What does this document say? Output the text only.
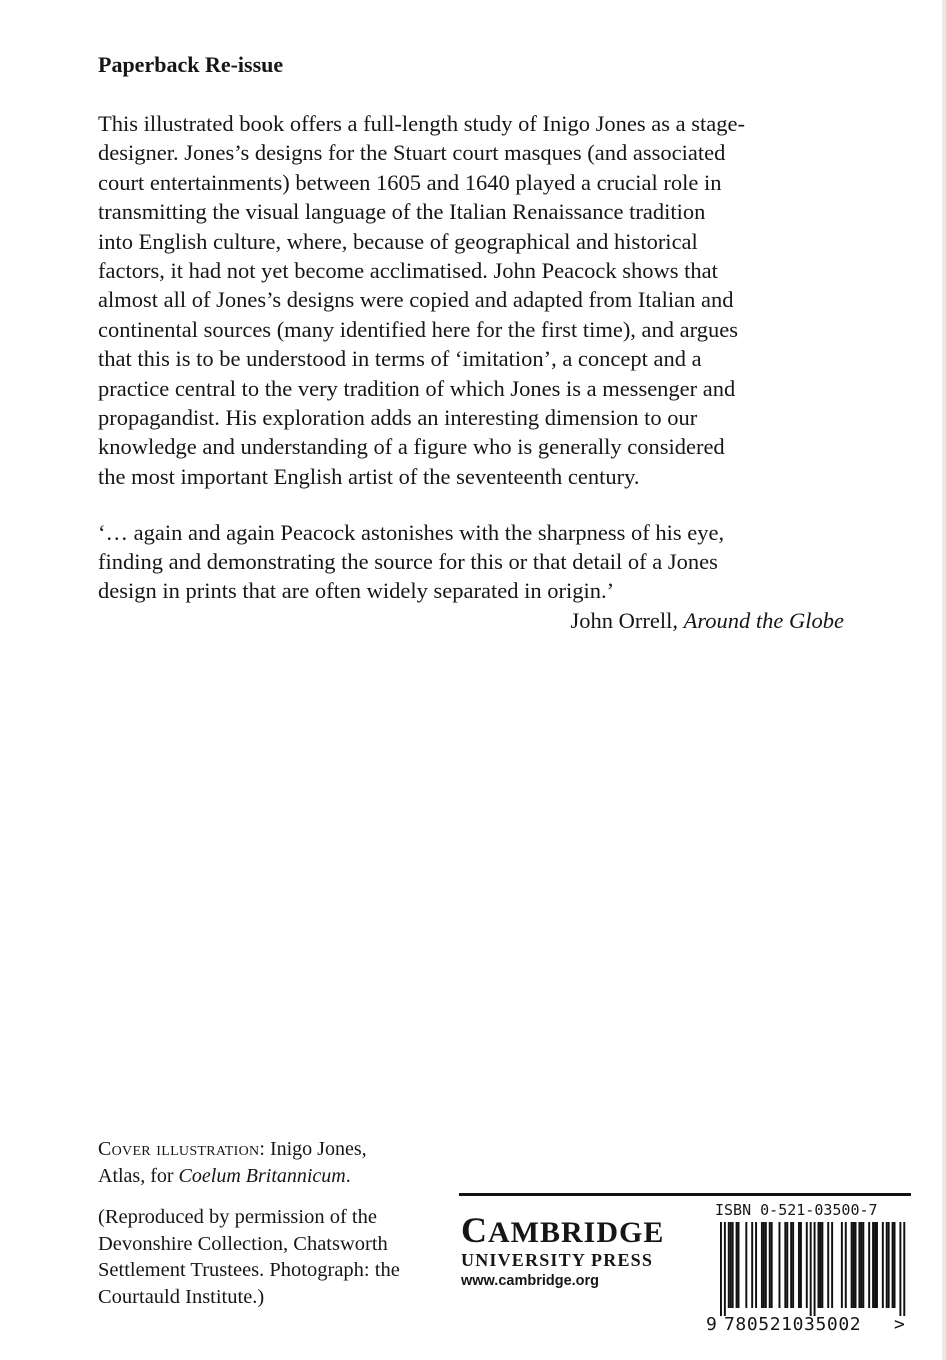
Paperback Re-issue

This illustrated book offers a full-length study of Inigo Jones as a stage-
designer. Jones’s designs for the Stuart court masques (and associated
court entertainments) between 1605 and 1640 played a crucial role in
transmitting the visual language of the Italian Renaissance tradition
into English culture, where, because of geographical and historical
factors, it had not yet become acclimatised. John Peacock shows that
almost all of Jones’s designs were copied and adapted from Italian and
continental sources (many identified here for the first time), and argues
that this is to be understood in terms of ‘imitation’, a concept and a
practice central to the very tradition of which Jones is a messenger and
propagandist. His exploration adds an interesting dimension to our
knowledge and understanding of a figure who is generally considered
the most important English artist of the seventeenth century.

‘… again and again Peacock astonishes with the sharpness of his eye,
finding and demonstrating the source for this or that detail of a Jones
design in prints that are often widely separated in origin.’

John Orrell, Around the Globe
Cover illustration: Inigo Jones,
Atlas, for Coelum Britannicum.
(Reproduced by permission of the
Devonshire Collection, Chatsworth
Settlement Trustees. Photograph: the
Courtauld Institute.)
CAMBRIDGE
UNIVERSITY PRESS
www.cambridge.org
ISBN 0-521-03500-7
9 780521035002 >
